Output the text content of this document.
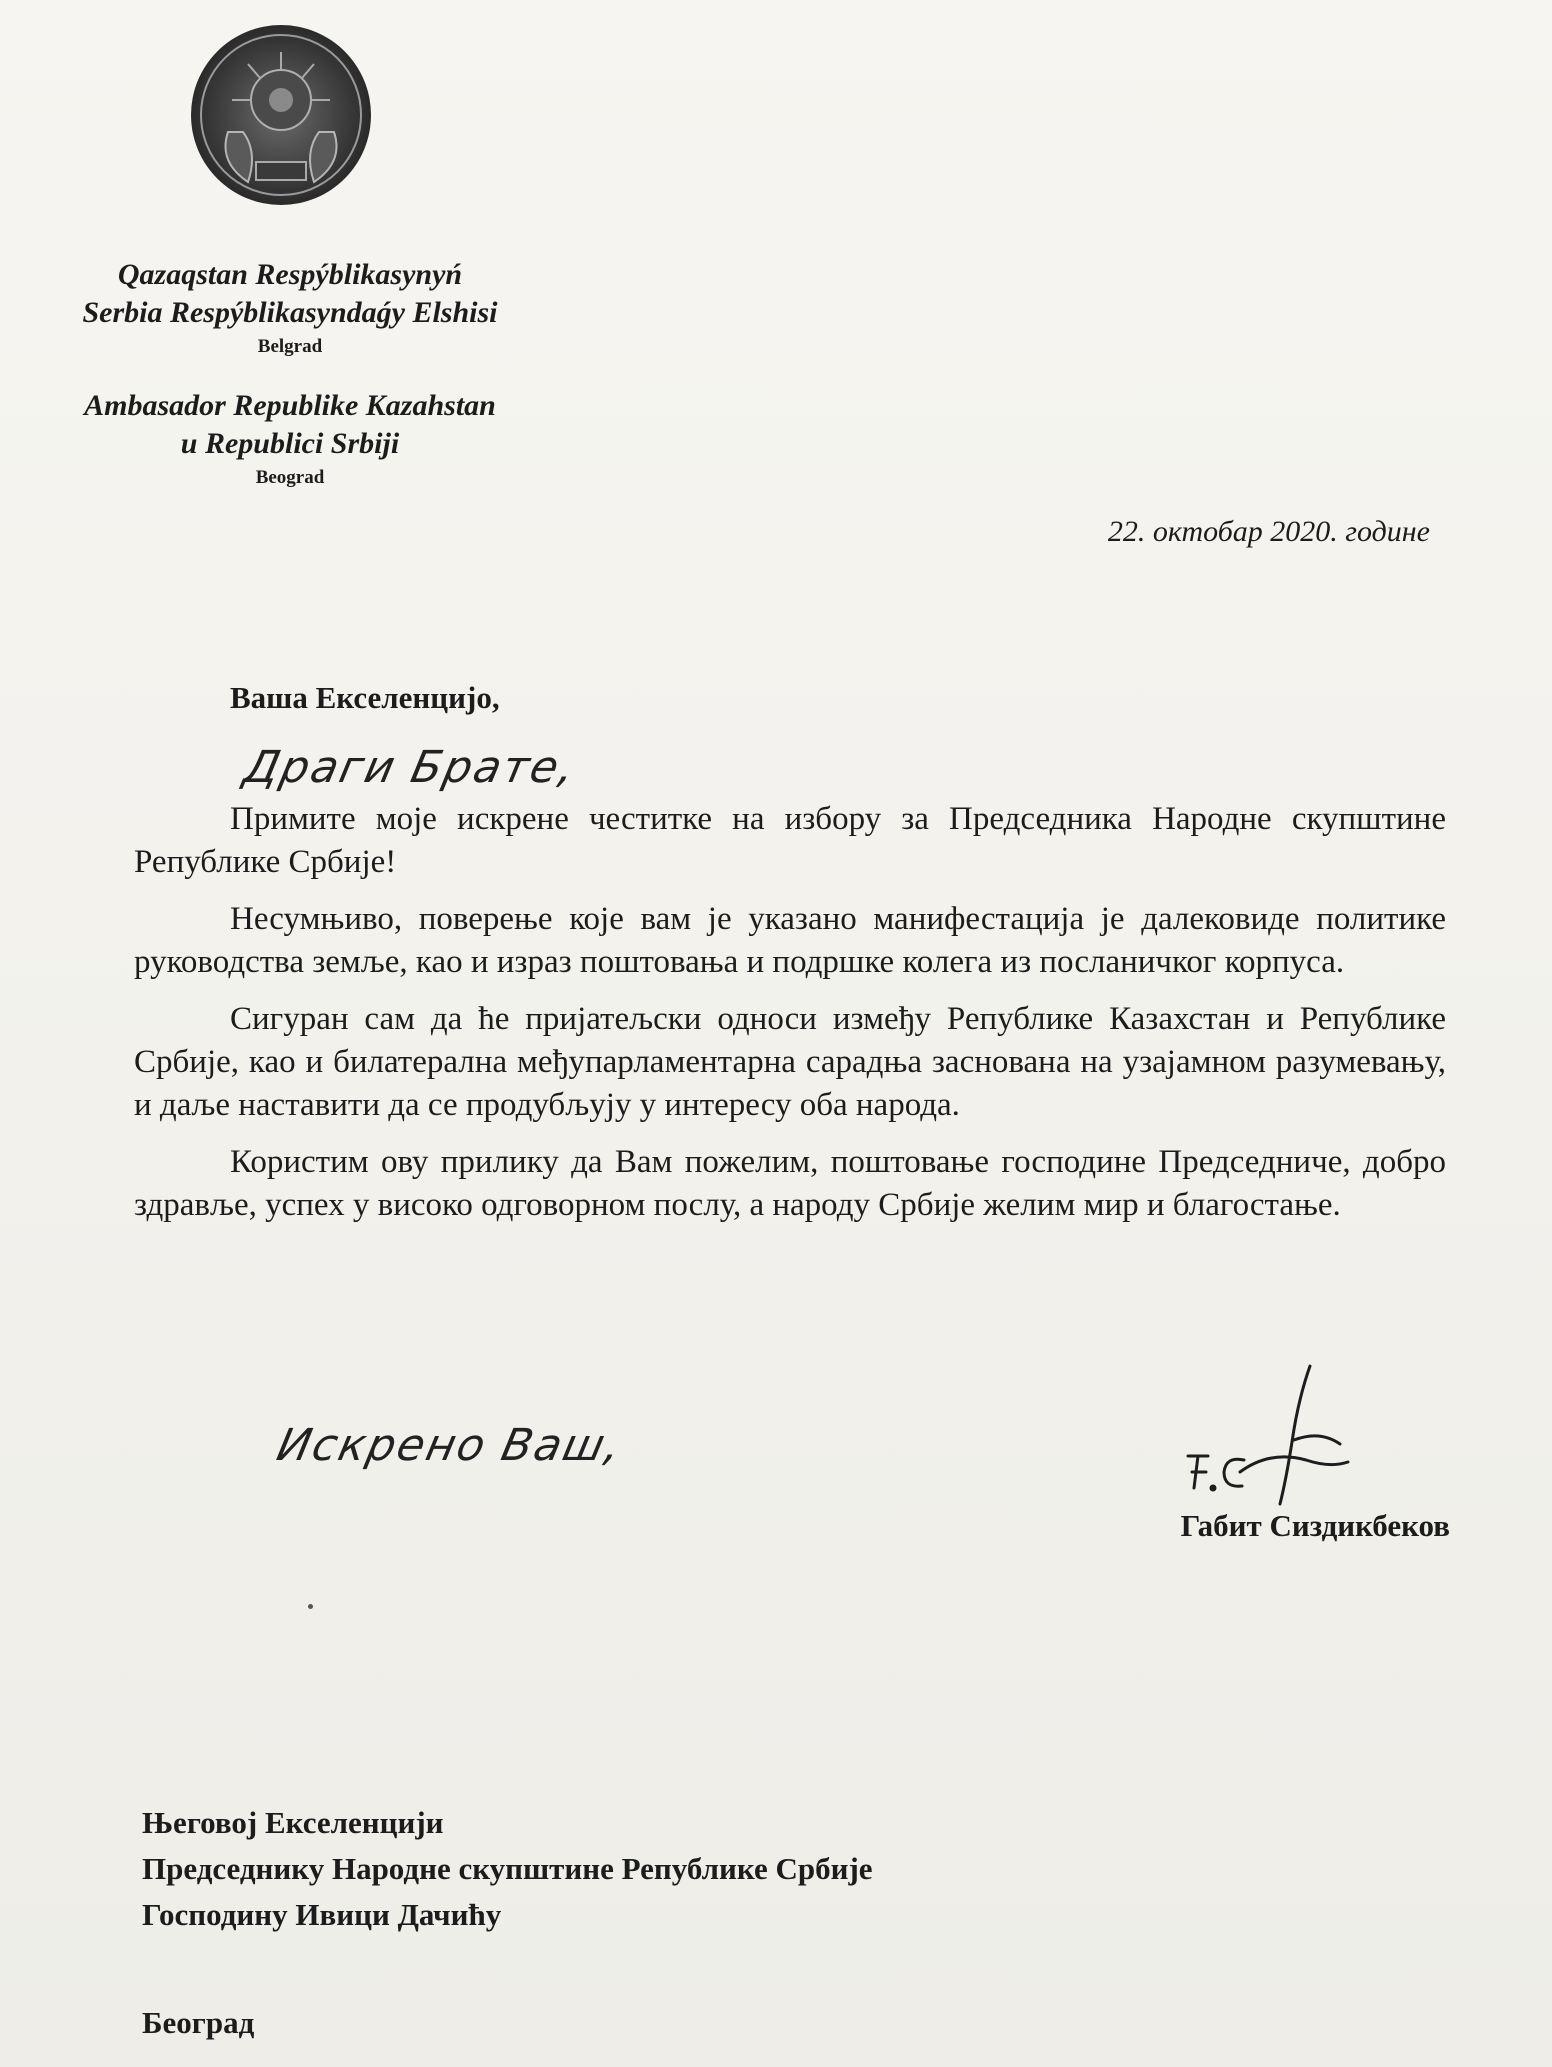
Qazaqstan Respýblikasynyń
Serbia Respýblikasyndaǵy Elshisi
Belgrad
Ambasador Republike Kazahstan
u Republici Srbiji
Beograd
22. oктобар 2020. године
Ваша Екселенцијо,
Драги Брате,

Примите моје искрене честитке на избору за Председника Народне скупштине Републике Србије!

Несумњиво, поверење које вам је указано манифестација је далековиде политике руководства земље, као и израз поштовања и подршке колега из посланичког корпуса.

Сигуран сам да ће пријатељски односи између Републике Казахстан и Републике Србије, као и билатерална међупарламентарна сарадња заснована на узајамном разумевању, и даље наставити да се продубљују у интересу оба народа.

Користим ову прилику да Вам пожелим, поштовање господине Председниче, добро здравље, успех у високо одговорном послу, а народу Србије желим мир и благостање.

Искрено Ваш,
Габит Сиздикбеков
Његовој Екселенцији
Председнику Народне скупштине Републике Србије
Господину Ивици Дачићу
Београд
